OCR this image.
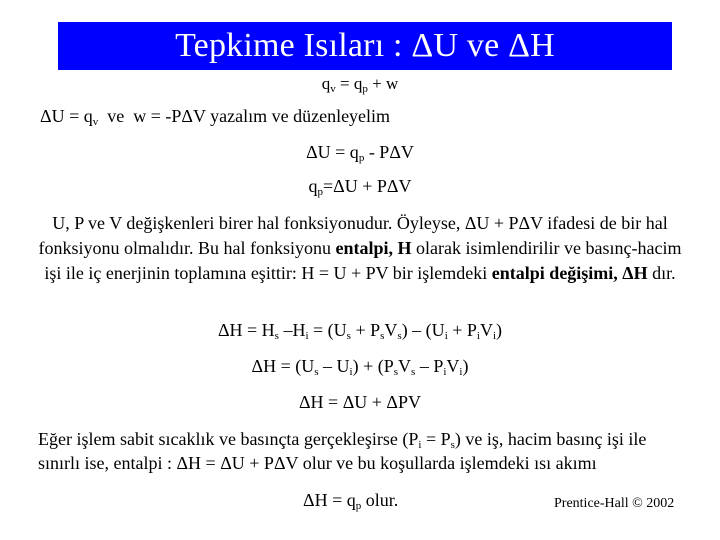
Tepkime Isıları : ΔU ve ΔH
$q_v = q_p + w$
$\Delta U = q_v$  ve  w = -PΔV yazalım ve düzenleyelim
$\Delta U = q_p - P\Delta V$
$q_p=\Delta U + P\Delta V$
U, P ve V değişkenleri birer hal fonksiyonudur. Öyleyse, ΔU + PΔV ifadesi de bir hal fonksiyonu olmalıdır. Bu hal fonksiyonu entalpi, H olarak isimlendirilir ve basınç-hacim işi ile iç enerjinin toplamına eşittir: H = U + PV bir işlemdeki entalpi değişimi, ΔH dır.
$\Delta H = H_s$ $-H_i = (U_s + P_sV_s) - (U_i + P_iV_i)$
$\Delta H = (U_s - U_i) + (P_sV_s - P_iV_i)$
ΔH = ΔU + ΔPV
Eğer işlem sabit sıcaklık ve basınçta gerçekleşirse $(P_i = P_s)$ ve iş, hacim basınç işi ile sınırlı ise, entalpi : ΔH = ΔU + PΔV olur ve bu koşullarda işlemdeki ısı akımı
$\Delta H = q_p$ olur.	Prentice-Hall © 2002
